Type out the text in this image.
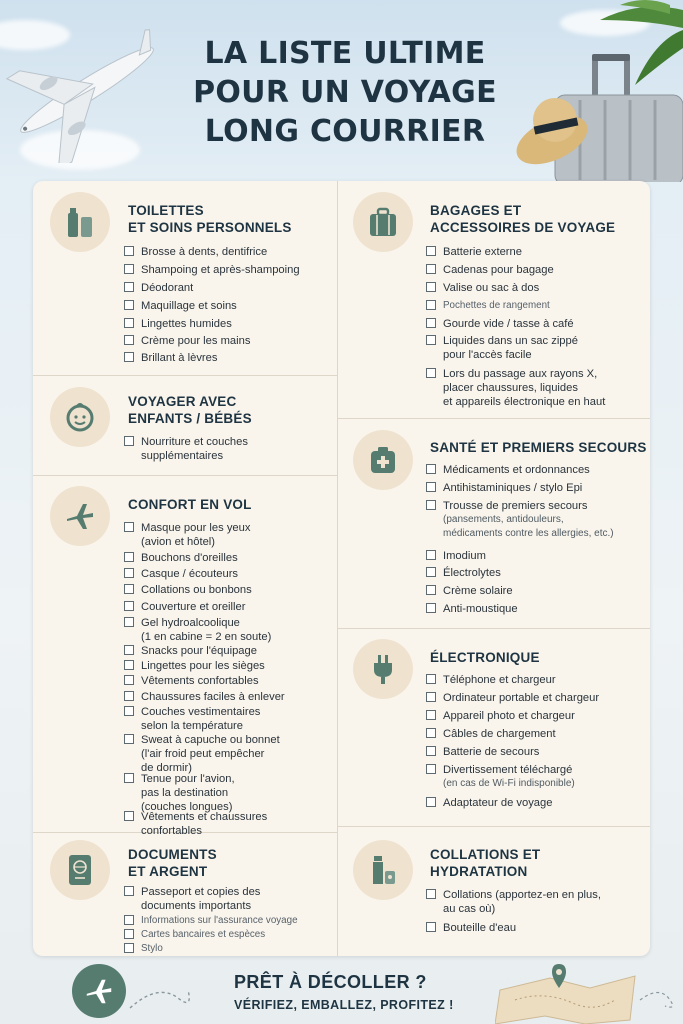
LA LISTE ULTIME
POUR UN VOYAGE
LONG COURRIER
TOILETTES
ET SOINS PERSONNELS
Brosse à dents, dentifrice
Shampoing et après-shampoing
Déodorant
Maquillage et soins
Lingettes humides
Crème pour les mains
Brillant à lèvres
VOYAGER AVEC
ENFANTS / BÉBÉS
Nourriture et couches
supplémentaires
CONFORT EN VOL
Masque pour les yeux
(avion et hôtel)
Bouchons d'oreilles
Casque / écouteurs
Collations ou bonbons
Couverture et oreiller
Gel hydroalcoolique
(1 en cabine = 2 en soute)
Snacks pour l'équipage
Lingettes pour les sièges
Vêtements confortables
Chaussures faciles à enlever
Couches vestimentaires
selon la température
Sweat à capuche ou bonnet
(l'air froid peut empêcher
de dormir)
Tenue pour l'avion,
pas la destination
(couches longues)
Vêtements et chaussures
confortables
DOCUMENTS
ET ARGENT
Passeport et copies des
documents importants
Informations sur l'assurance voyage
Cartes bancaires et espèces
Stylo
BAGAGES ET
ACCESSOIRES DE VOYAGE
Batterie externe
Cadenas pour bagage
Valise ou sac à dos
Pochettes de rangement
Gourde vide / tasse à café
Liquides dans un sac zippé
pour l'accès facile
Lors du passage aux rayons X,
placer chaussures, liquides
et appareils électronique en haut
SANTÉ ET PREMIERS SECOURS
Médicaments et ordonnances
Antihistaminiques / stylo Epi
Trousse de premiers secours
(pansements, antidouleurs,
médicaments contre les allergies, etc.)
Imodium
Électrolytes
Crème solaire
Anti-moustique
ÉLECTRONIQUE
Téléphone et chargeur
Ordinateur portable et chargeur
Appareil photo et chargeur
Câbles de chargement
Batterie de secours
Divertissement téléchargé
(en cas de Wi-Fi indisponible)
Adaptateur de voyage
COLLATIONS ET
HYDRATATION
Collations (apportez-en en plus,
au cas où)
Bouteille d'eau
PRÊT À DÉCOLLER ?
VÉRIFIEZ, EMBALLEZ, PROFITEZ !
